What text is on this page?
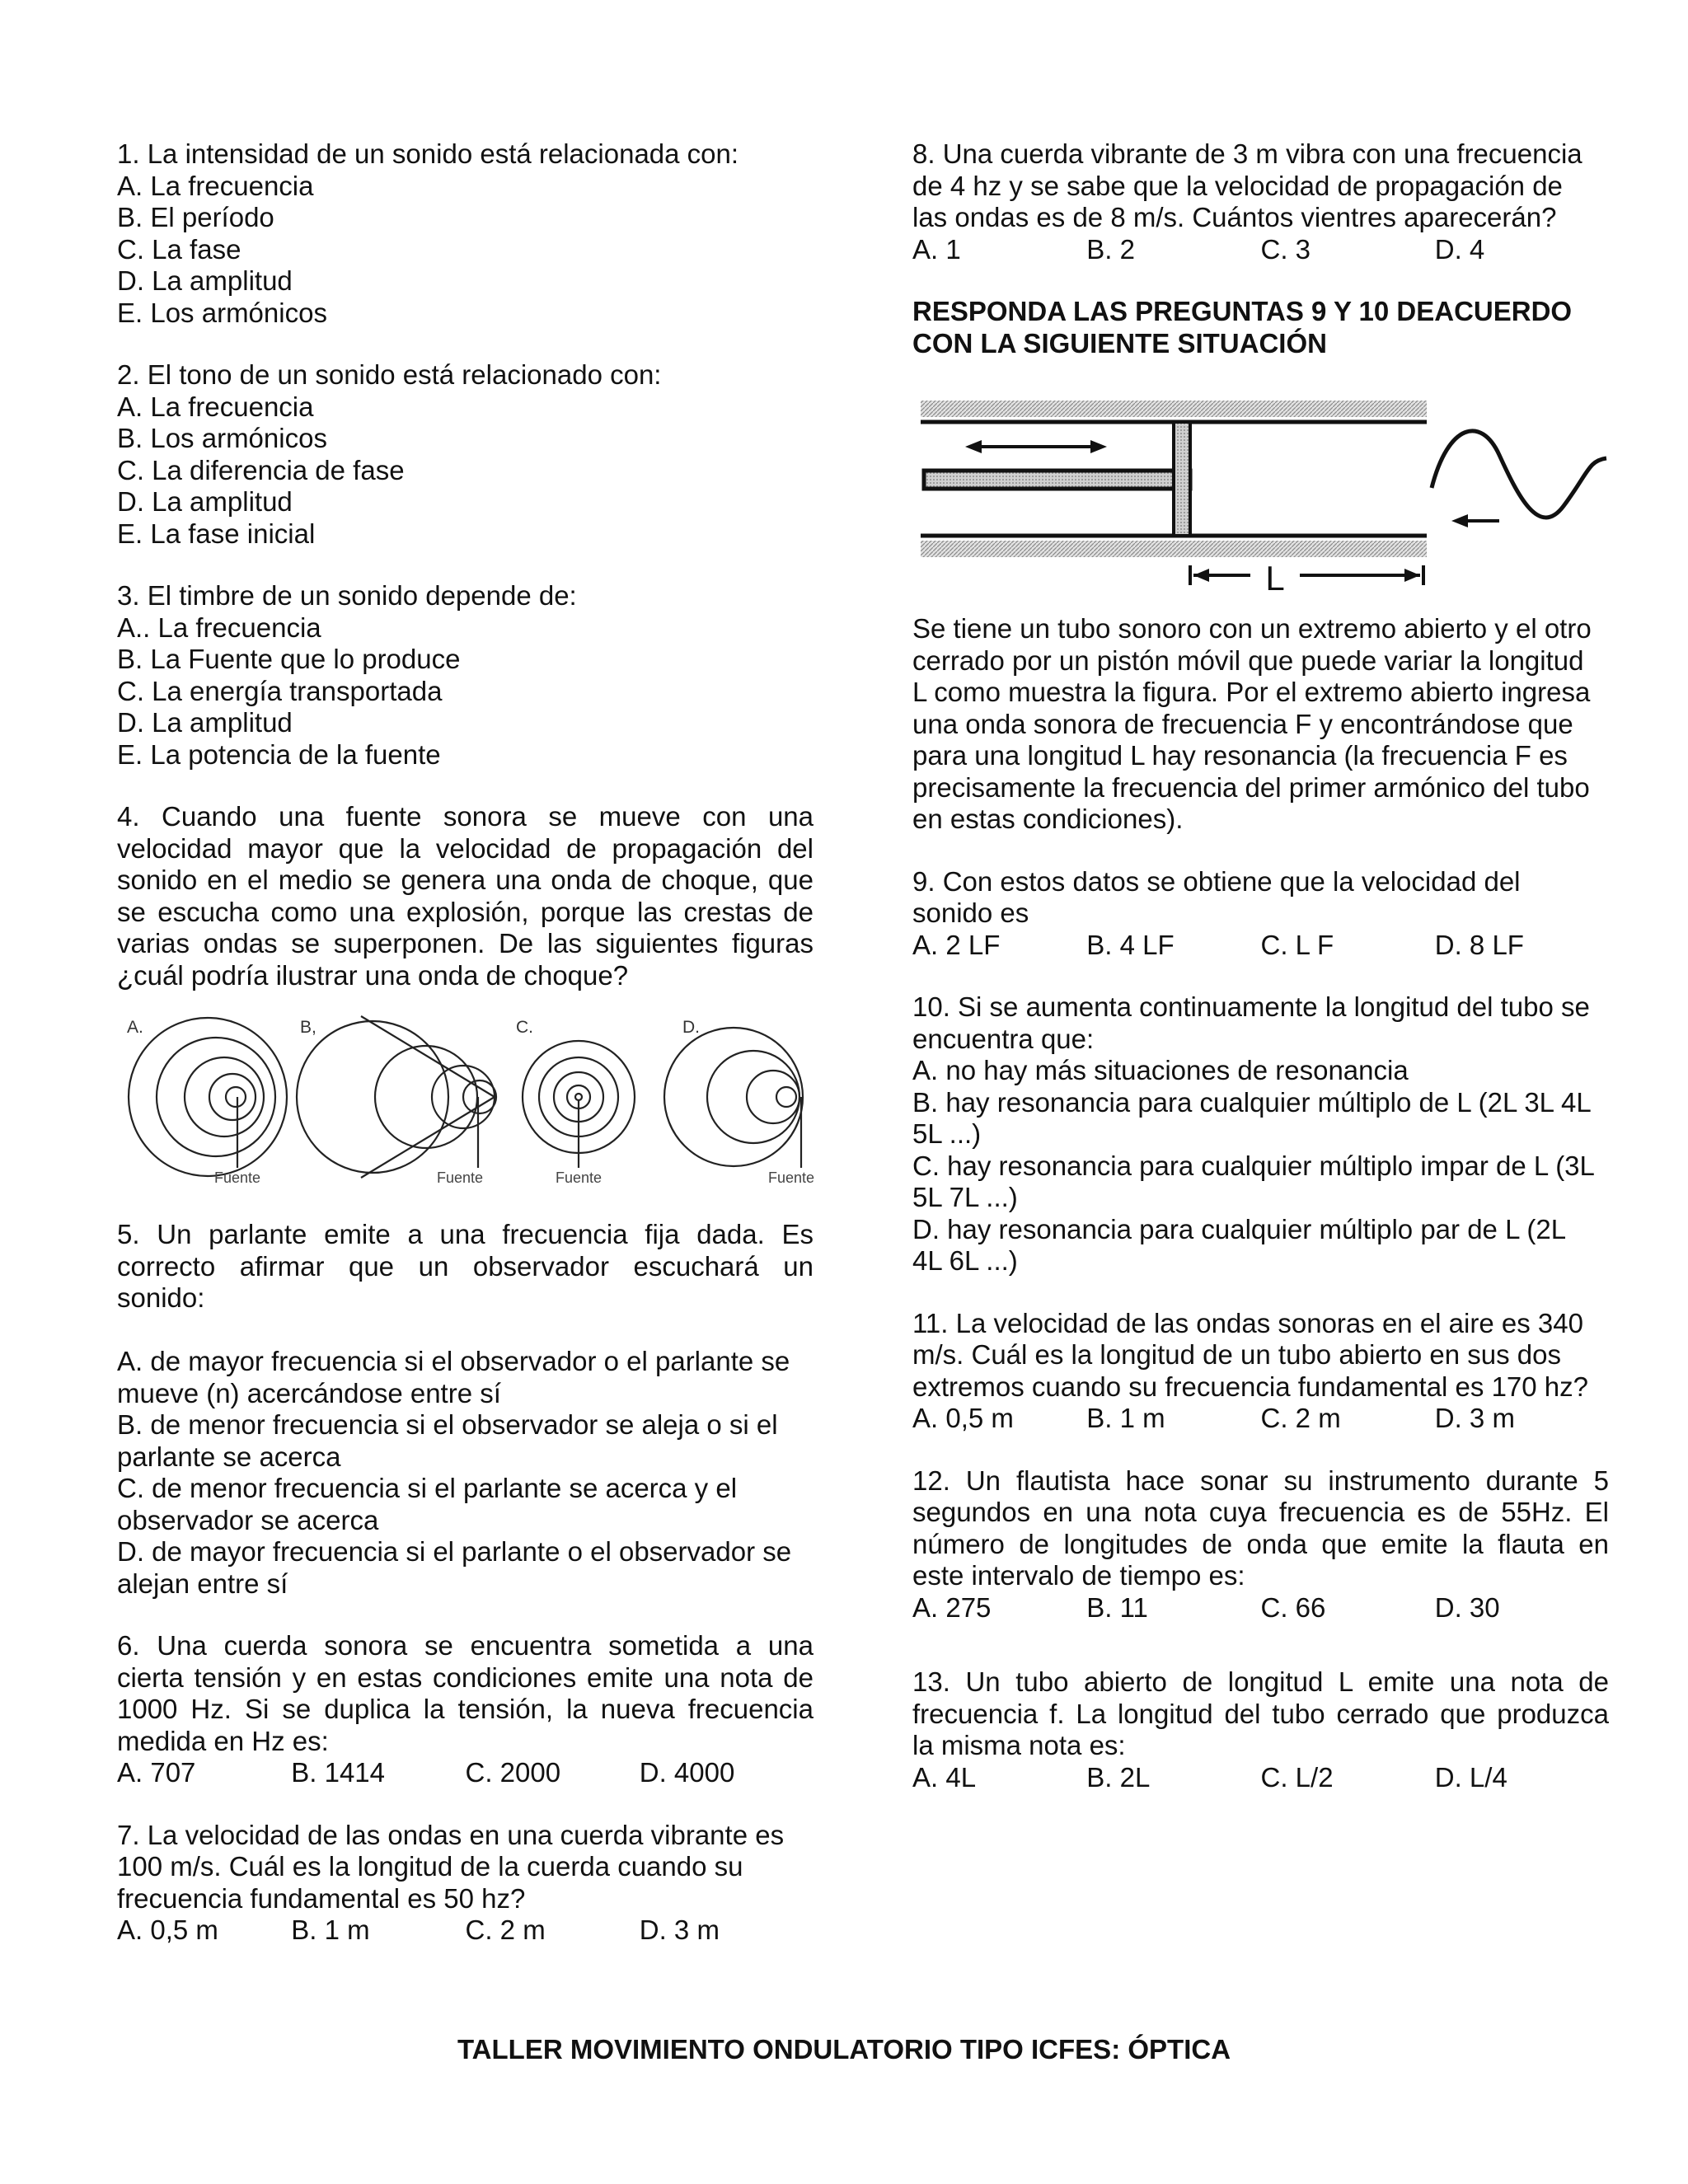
1. La intensidad de un sonido está relacionada con:
A. La frecuencia
B. El período
C. La fase
D. La amplitud
E. Los armónicos
2. El tono de un sonido está relacionado con:
A. La frecuencia
B. Los armónicos
C. La diferencia de fase
D. La amplitud
E. La fase inicial
3. El timbre de un sonido depende de:
A.. La frecuencia
B. La Fuente que lo produce
C. La energía transportada
D. La amplitud
E. La potencia de la fuente
4. Cuando una fuente sonora se mueve con una
velocidad mayor que la velocidad de propagación del
sonido en el medio se genera una onda de choque, que
se escucha como una explosión, porque las crestas de
varias ondas se superponen. De las siguientes figuras
¿cuál podría ilustrar una onda de choque?
A.
Fuente
B,
Fuente
C.
Fuente
D.
Fuente
5. Un parlante emite a una frecuencia fija dada. Es
correcto afirmar que un observador escuchará un
sonido:
A. de mayor frecuencia si el observador o el parlante se
mueve (n) acercándose entre sí
B. de menor frecuencia si el observador se aleja o si el
parlante se acerca
C. de menor frecuencia si el parlante se acerca y el
observador se acerca
D. de mayor frecuencia si el parlante o el observador se
alejan entre sí
6. Una cuerda sonora se encuentra sometida a una
cierta tensión y en estas condiciones emite una nota de
1000 Hz. Si se duplica la tensión, la nueva frecuencia
medida en Hz es:
A. 707	B. 1414	C. 2000	D. 4000
7. La velocidad de las ondas en una cuerda vibrante es
100 m/s. Cuál es la longitud de la cuerda cuando su
frecuencia fundamental es 50 hz?
A. 0,5 m	B. 1 m	C. 2 m	D. 3 m
8. Una cuerda vibrante de 3 m vibra con una frecuencia
de 4 hz y se sabe que la velocidad de propagación de
las ondas es de 8 m/s. Cuántos vientres aparecerán?
A. 1	B. 2	C. 3	D. 4
RESPONDA LAS PREGUNTAS 9 Y 10 DEACUERDO
CON LA SIGUIENTE SITUACIÓN
L
Se tiene un tubo sonoro con un extremo abierto y el otro
cerrado por un pistón móvil que puede variar la longitud
L como muestra la figura. Por el extremo abierto ingresa
una onda sonora de frecuencia F y encontrándose que
para una longitud L hay resonancia (la frecuencia F es
precisamente la frecuencia del primer armónico del tubo
en estas condiciones).
9. Con estos datos se obtiene que la velocidad del
sonido es
A. 2 LF	B. 4 LF	C. L F	D. 8 LF
10. Si se aumenta continuamente la longitud del tubo se
encuentra que:
A. no hay más situaciones de resonancia
B. hay resonancia para cualquier múltiplo de L (2L 3L 4L
5L ...)
C. hay resonancia para cualquier múltiplo impar de L (3L
5L 7L ...)
D. hay resonancia para cualquier múltiplo par de L (2L
4L 6L ...)
11. La velocidad de las ondas sonoras en el aire es 340
m/s. Cuál es la longitud de un tubo abierto en sus dos
extremos cuando su frecuencia fundamental es 170 hz?
A. 0,5 m	B. 1 m	C. 2 m	D. 3 m
12. Un flautista hace sonar su instrumento durante 5
segundos en una nota cuya frecuencia es de 55Hz. El
número de longitudes de onda que emite la flauta en
este intervalo de tiempo es:
A. 275	B. 11	C. 66	D. 30
13. Un tubo abierto de longitud L emite una nota de
frecuencia f. La longitud del tubo cerrado que produzca
la misma nota es:
A. 4L	B. 2L	C. L/2	D. L/4
TALLER MOVIMIENTO ONDULATORIO TIPO ICFES: ÓPTICA
